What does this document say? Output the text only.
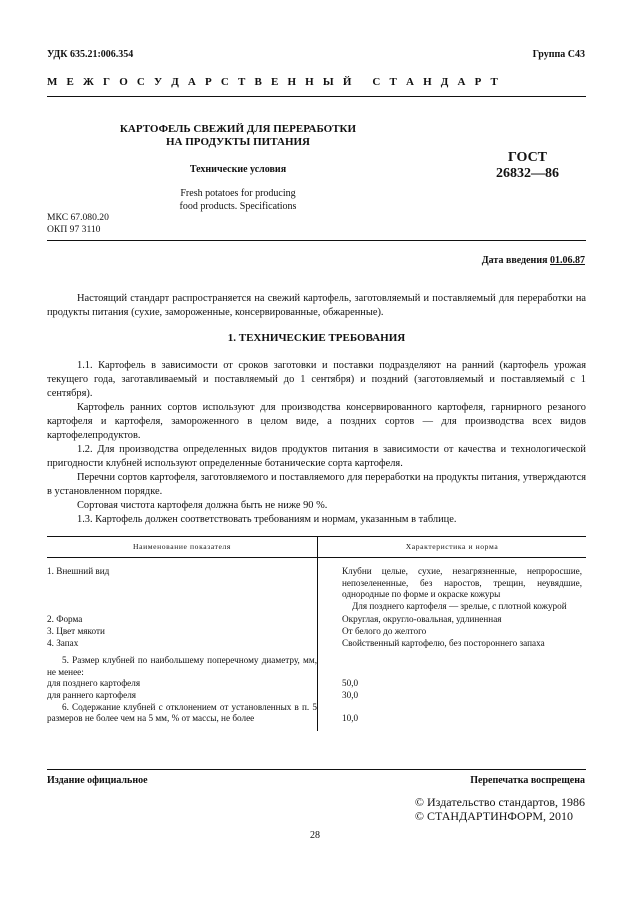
УДК 635.21:006.354	Группа С43
М Е Ж Г О С У Д А Р С Т В Е Н Н Ы Й   С Т А Н Д А Р Т
КАРТОФЕЛЬ СВЕЖИЙ ДЛЯ ПЕРЕРАБОТКИ
НА ПРОДУКТЫ ПИТАНИЯ
Технические условия
Fresh potatoes for producing
food products. Specifications
ГОСТ
26832—86
МКС 67.080.20
ОКП 97 3110
Дата введения 01.06.87
Настоящий стандарт распространяется на свежий картофель, заготовляемый и поставляемый для переработки на продукты питания (сухие, замороженные, консервированные, обжаренные).
1. ТЕХНИЧЕСКИЕ ТРЕБОВАНИЯ
1.1. Картофель в зависимости от сроков заготовки и поставки подразделяют на ранний (картофель урожая текущего года, заготавливаемый и поставляемый до 1 сентября) и поздний (заготовляемый и поставляемый с 1 сентября).
Картофель ранних сортов используют для производства консервированного картофеля, гарнирного резаного картофеля и картофеля, замороженного в целом виде, а поздних сортов — для производства всех видов картофелепродуктов.
1.2. Для производства определенных видов продуктов питания в зависимости от качества и технологической пригодности клубней используют определенные ботанические сорта картофеля.
Перечни сортов картофеля, заготовляемого и поставляемого для переработки на продукты питания, утверждаются в установленном порядке.
Сортовая чистота картофеля должна быть не ниже 90 %.
1.3. Картофель должен соответствовать требованиям и нормам, указанным в таблице.
Наименование показателя	Характеристика и норма
1. Внешний вид	Клубни целые, сухие, незагрязненные, непроросшие, непозелененные, без наростов, трещин, неувядшие, однородные по форме и окраске кожуры
Для позднего картофеля — зрелые, с плотной кожурой

2. Форма	Округлая, округло-овальная, удлиненная
3. Цвет мякоти	От белого до желтого
4. Запах	Свойственный картофелю, без постороннего запаха
5. Размер клубней по наибольшему поперечному диаметру, мм, не менее:	
для позднего картофеля	50,0
для раннего картофеля	30,0
6. Содержание клубней с отклонением от установленных в п. 5 размеров не более чем на 5 мм, % от массы, не более	10,0
Издание официальное	Перепечатка воспрещена
© Издательство стандартов, 1986
© СТАНДАРТИНФОРМ, 2010
28
